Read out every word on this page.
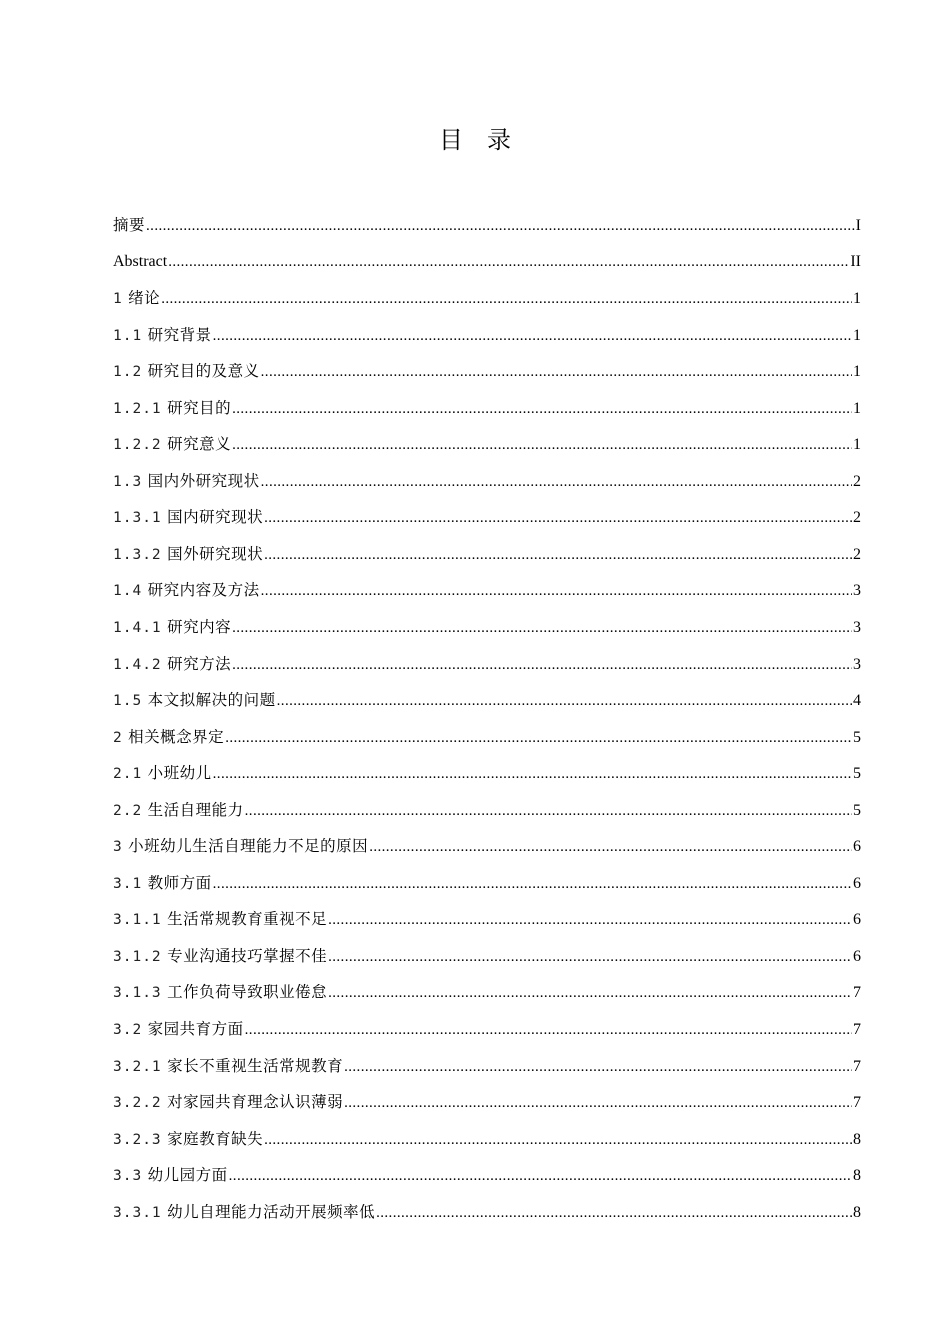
目 录
摘要 .....	I
Abstract .....	II
1 绪论 .....	1
1.1 研究背景 .....	1
1.2 研究目的及意义 .....	1
1.2.1 研究目的 .....	1
1.2.2 研究意义 .....	1
1.3 国内外研究现状 .....	2
1.3.1 国内研究现状 .....	2
1.3.2 国外研究现状 .....	2
1.4 研究内容及方法 .....	3
1.4.1 研究内容 .....	3
1.4.2 研究方法 .....	3
1.5 本文拟解决的问题 .....	4
2 相关概念界定 .....	5
2.1 小班幼儿 .....	5
2.2 生活自理能力 .....	5
3 小班幼儿生活自理能力不足的原因 .....	6
3.1 教师方面 .....	6
3.1.1 生活常规教育重视不足 .....	6
3.1.2 专业沟通技巧掌握不佳 .....	6
3.1.3 工作负荷导致职业倦怠 .....	7
3.2 家园共育方面 .....	7
3.2.1 家长不重视生活常规教育 .....	7
3.2.2 对家园共育理念认识薄弱 .....	7
3.2.3 家庭教育缺失 .....	8
3.3 幼儿园方面 .....	8
3.3.1 幼儿自理能力活动开展频率低 .....	8
